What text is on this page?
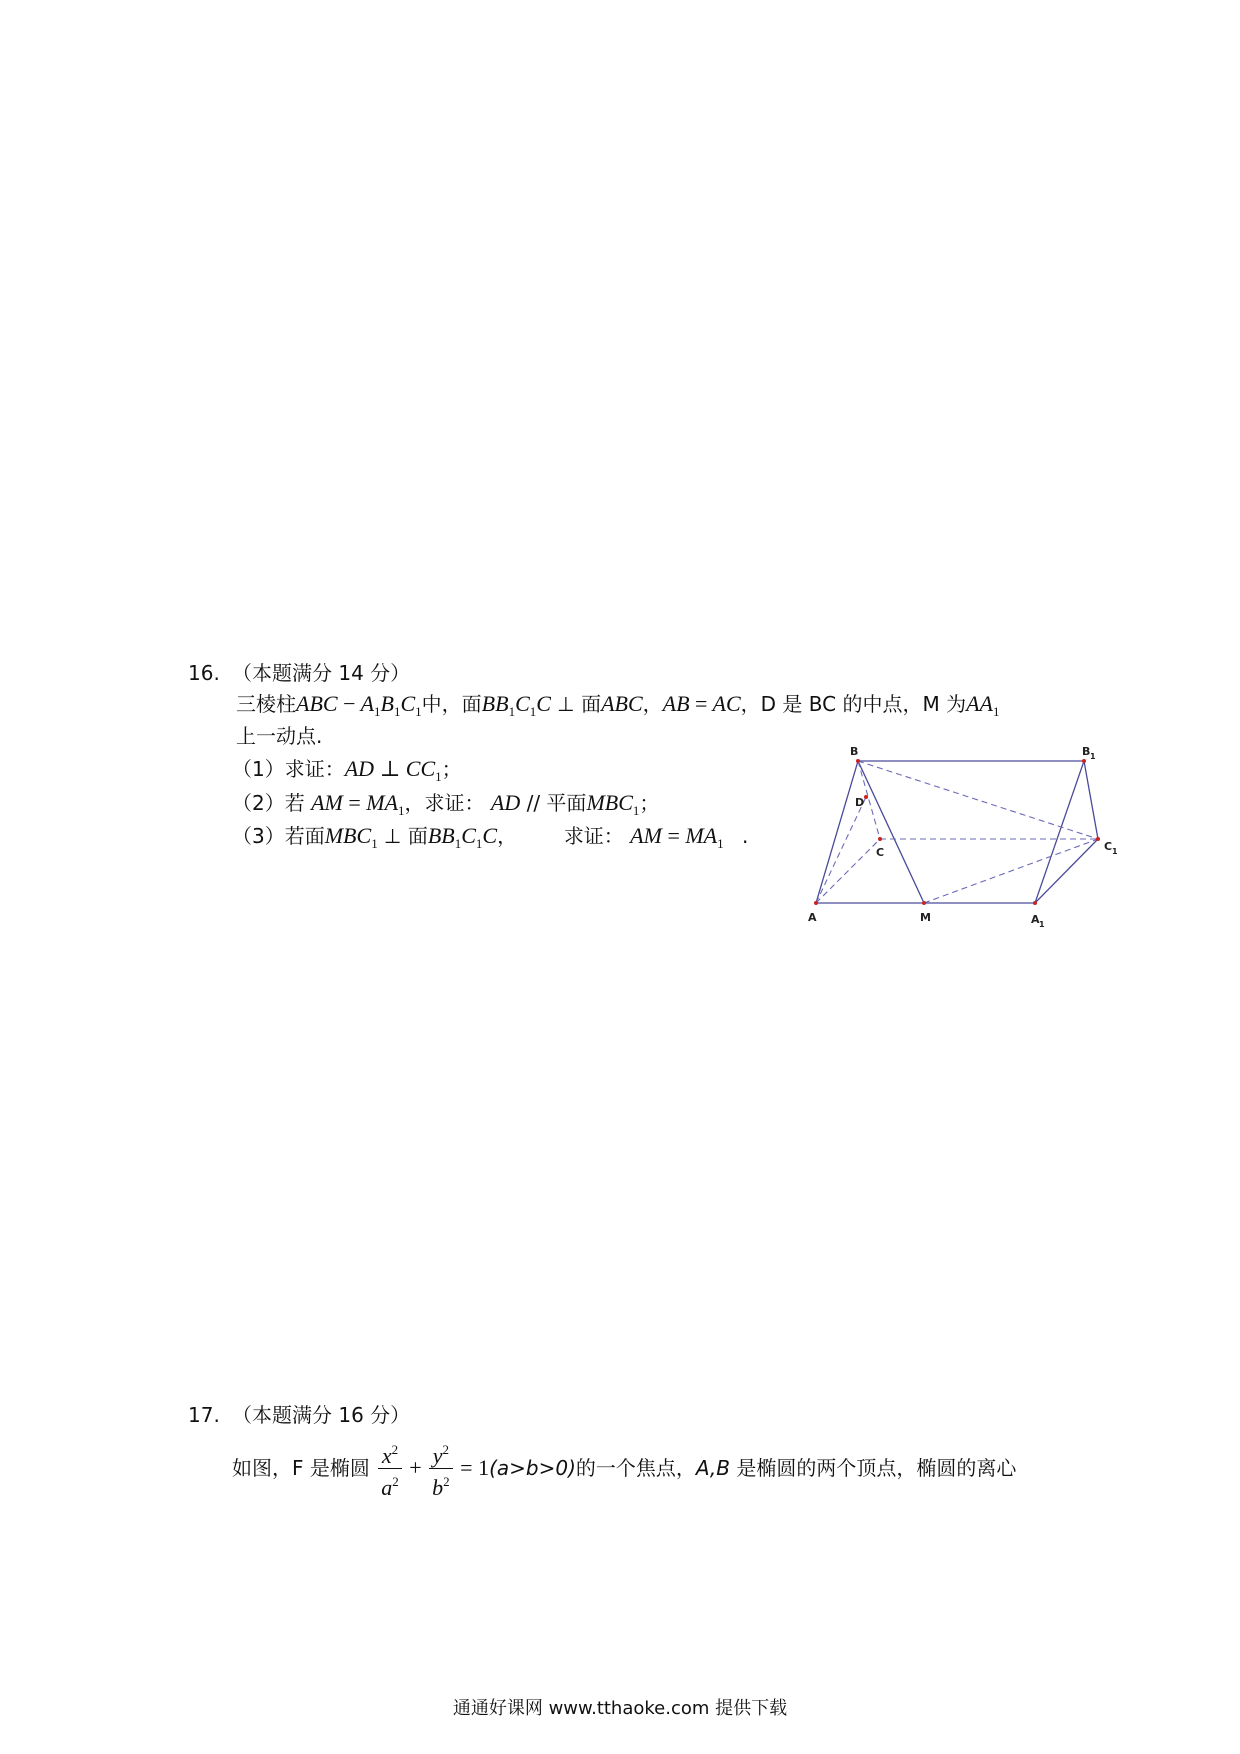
16. （本题满分 14 分）
三棱柱ABC − $A_1B_1C_1$中，面$BB_1C_1C$ ⊥ 面ABC，AB = AC，D 是 BC 的中点，M 为$AA_1$
上一动点.
（1）求证：AD ⊥ $CC_1$；
（2）若 AM = $MA_1$，求证： AD // 平面$MBC_1$；
（3）若面$MBC_1$ ⊥ 面$BB_1C_1C$， 求证： AM = $MA_1$ .
B	B 1
D
C	C 1
A	M	A 1
17. （本题满分 16 分）
如图，F 是椭圆 $\frac{x^2}{a^2} + \frac{y^2}{b^2} = 1(a>b>0)$的一个焦点，A,B 是椭圆的两个顶点，椭圆的离心
通通好课网 www.tthaoke.com 提供下载
